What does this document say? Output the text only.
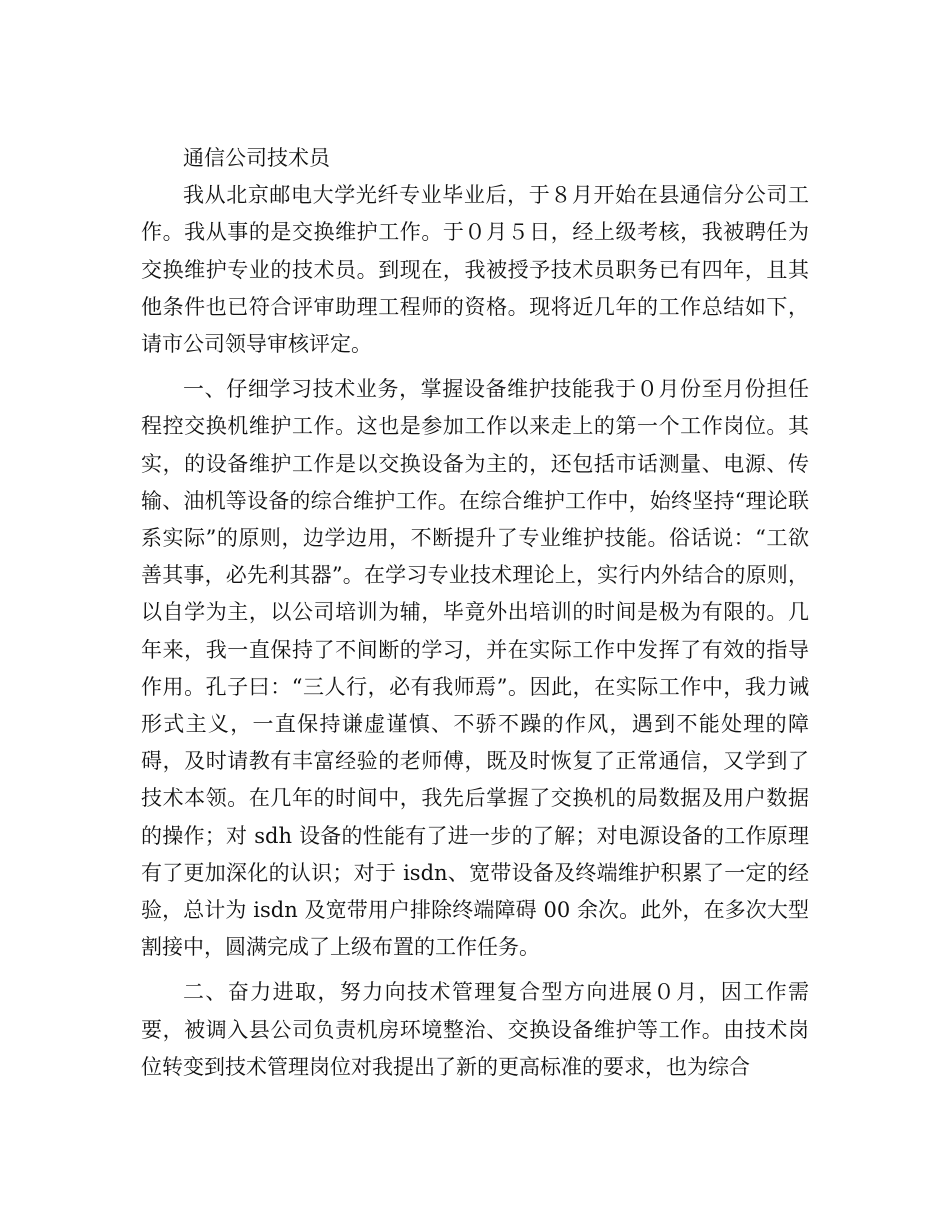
通信公司技术员

我从北京邮电大学光纤专业毕业后，于８月开始在县通信分公司工作。我从事的是交换维护工作。于０月５日，经上级考核，我被聘任为交换维护专业的技术员。到现在，我被授予技术员职务已有四年，且其他条件也已符合评审助理工程师的资格。现将近几年的工作总结如下，请市公司领导审核评定。

一、仔细学习技术业务，掌握设备维护技能我于０月份至月份担任程控交换机维护工作。这也是参加工作以来走上的第一个工作岗位。其实，的设备维护工作是以交换设备为主的，还包括市话测量、电源、传输、油机等设备的综合维护工作。在综合维护工作中，始终坚持“理论联系实际”的原则，边学边用，不断提升了专业维护技能。俗话说：“工欲善其事，必先利其器”。在学习专业技术理论上，实行内外结合的原则，以自学为主，以公司培训为辅，毕竟外出培训的时间是极为有限的。几年来，我一直保持了不间断的学习，并在实际工作中发挥了有效的指导作用。孔子曰：“三人行，必有我师焉”。因此，在实际工作中，我力诫形式主义，一直保持谦虚谨慎、不骄不躁的作风，遇到不能处理的障碍，及时请教有丰富经验的老师傅，既及时恢复了正常通信，又学到了技术本领。在几年的时间中，我先后掌握了交换机的局数据及用户数据的操作；对 sdh 设备的性能有了进一步的了解；对电源设备的工作原理有了更加深化的认识；对于 isdn、宽带设备及终端维护积累了一定的经验，总计为 isdn 及宽带用户排除终端障碍 00 余次。此外，在多次大型割接中，圆满完成了上级布置的工作任务。

二、奋力进取，努力向技术管理复合型方向进展０月，因工作需要，被调入县公司负责机房环境整治、交换设备维护等工作。由技术岗位转变到技术管理岗位对我提出了新的更高标准的要求，也为综合
